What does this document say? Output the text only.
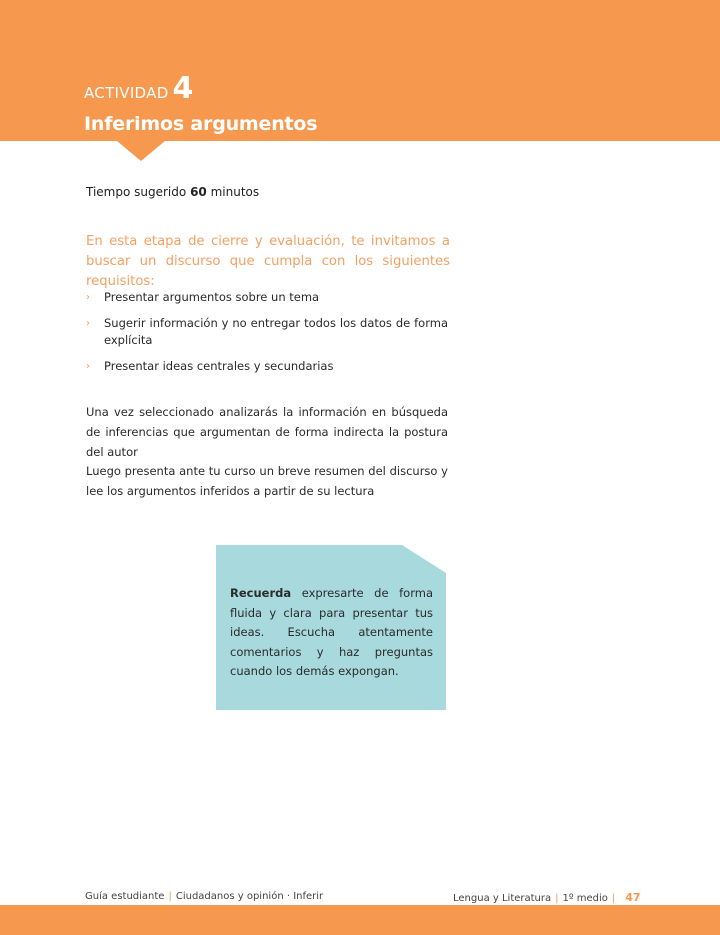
ACTIVIDAD 4
Inferimos argumentos
Tiempo sugerido 60 minutos
En esta etapa de cierre y evaluación, te invitamos a buscar un discurso que cumpla con los siguientes requisitos:
› Presentar argumentos sobre un tema
› Sugerir información y no entregar todos los datos de forma explícita
› Presentar ideas centrales y secundarias
Una vez seleccionado analizarás la información en búsqueda de inferencias que argumentan de forma indirecta la postura del autor
Luego presenta ante tu curso un breve resumen del discurso y lee los argumentos inferidos a partir de su lectura
Recuerda expresarte de forma fluida y clara para presentar tus ideas. Escucha atentamente comentarios y haz preguntas cuando los demás expongan.
Guía estudiante | Ciudadanos y opinión · Inferir	Lengua y Literatura | 1º medio | 47
